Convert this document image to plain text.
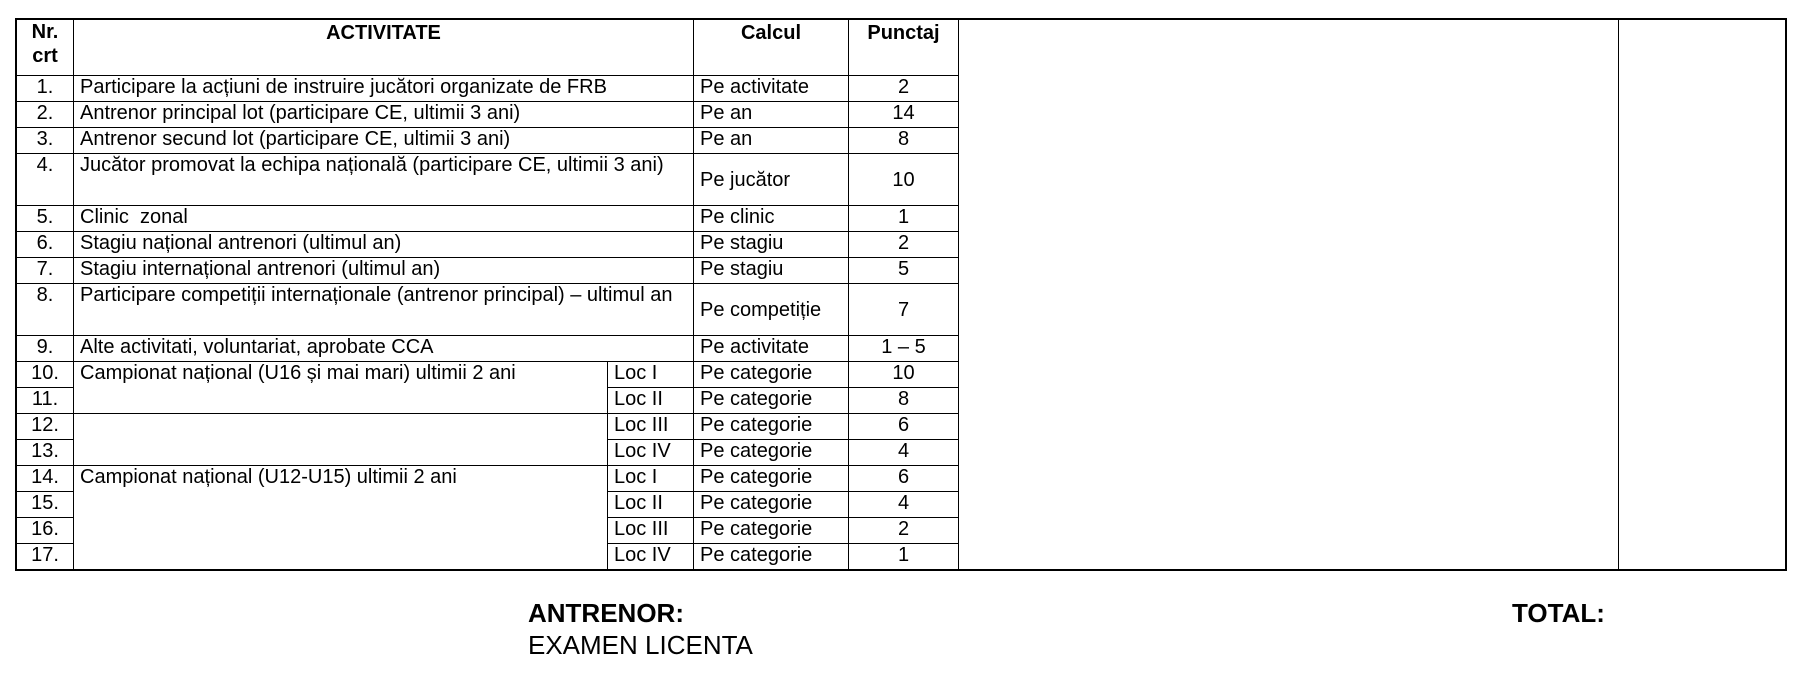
Nr. crt	ACTIVITATE		Calcul	Punctaj		
1.	Participare la acțiuni de instruire jucători organizate de FRB		Pe activitate	2		
2.	Antrenor principal lot (participare CE, ultimii 3 ani)		Pe an	14		
3.	Antrenor secund lot (participare CE, ultimii 3 ani)		Pe an	8		
4.	Jucător promovat la echipa națională (participare CE, ultimii 3 ani)		Pe jucător	10		
5.	Clinic  zonal		Pe clinic	1		
6.	Stagiu național antrenori (ultimul an)		Pe stagiu	2		
7.	Stagiu internațional antrenori (ultimul an)		Pe stagiu	5		
8.	Participare competiții internaționale (antrenor principal) – ultimul an		Pe competiție	7		
9.	Alte activitati, voluntariat, aprobate CCA		Pe activitate	1 – 5		
10.	Campionat național (U16 și mai mari) ultimii 2 ani	Loc I	Pe categorie	10		
11.		Loc II	Pe categorie	8		
12.		Loc III	Pe categorie	6		
13.		Loc IV	Pe categorie	4		
14.	Campionat național (U12-U15) ultimii 2 ani	Loc I	Pe categorie	6		
15.		Loc II	Pe categorie	4		
16.		Loc III	Pe categorie	2		
17.		Loc IV	Pe categorie	1		
ANTRENOR:
EXAMEN LICENTA
TOTAL:
